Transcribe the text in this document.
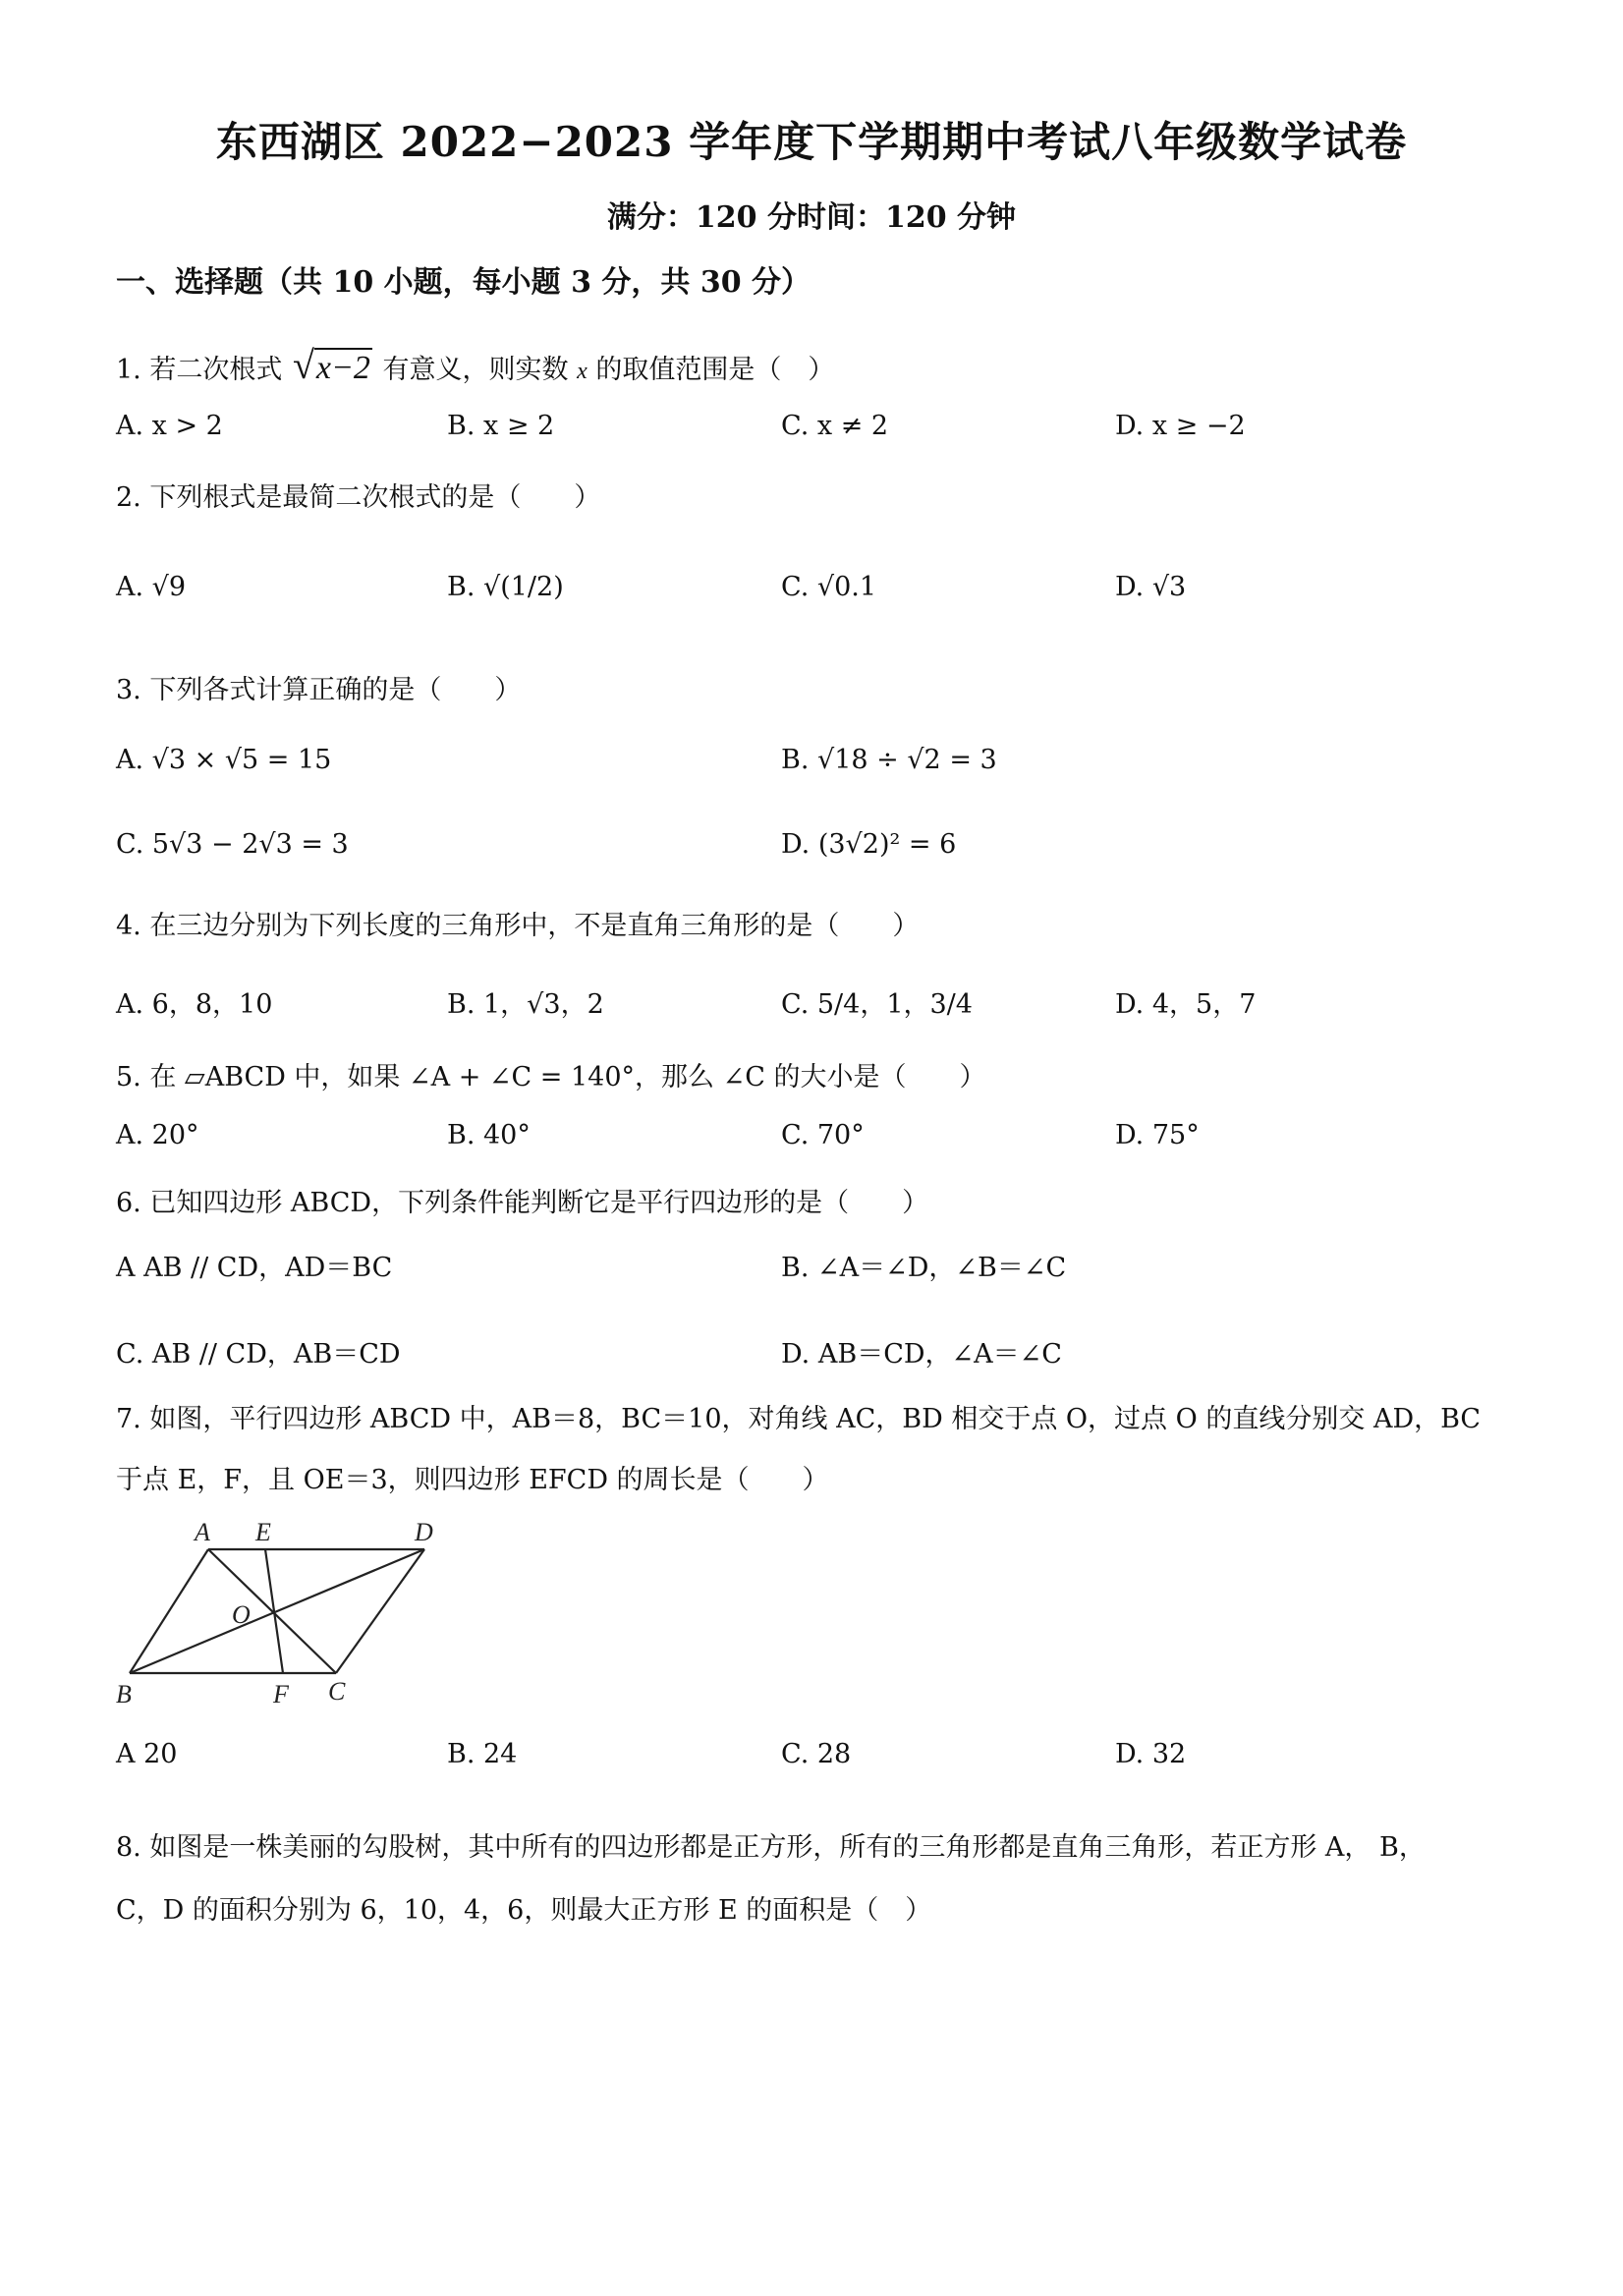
东西湖区 2022−2023 学年度下学期期中考试八年级数学试卷
满分：120 分时间：120 分钟
一、选择题（共 10 小题，每小题 3 分，共 30 分）
1. 若二次根式 √x−2 有意义，则实数 x 的取值范围是（　）
A. x > 2	B. x ≥ 2	C. x ≠ 2	D. x ≥ −2
2. 下列根式是最简二次根式的是（　　）
A. √9	B. √(1/2)	C. √0.1	D. √3
3. 下列各式计算正确的是（　　）
A. √3 × √5 = 15	B. √18 ÷ √2 = 3
C. 5√3 − 2√3 = 3	D. (3√2)² = 6
4. 在三边分别为下列长度的三角形中，不是直角三角形的是（　　）
A. 6，8，10	B. 1，√3，2	C. 5/4，1，3/4	D. 4，5，7
5. 在 ▱ABCD 中，如果 ∠A + ∠C = 140°，那么 ∠C 的大小是（　　）
A. 20°	B. 40°	C. 70°	D. 75°
6. 已知四边形 ABCD，下列条件能判断它是平行四边形的是（　　）
A AB // CD，AD＝BC	B. ∠A＝∠D，∠B＝∠C
C. AB // CD，AB＝CD	D. AB＝CD，∠A＝∠C
7. 如图，平行四边形 ABCD 中，AB＝8，BC＝10，对角线 AC，BD 相交于点 O，过点 O 的直线分别交 AD，BC
于点 E，F，且 OE＝3，则四边形 EFCD 的周长是（　　）
A E	D
O
B	F C
A 20	B. 24	C. 28	D. 32
8. 如图是一株美丽的勾股树，其中所有的四边形都是正方形，所有的三角形都是直角三角形，若正方形 A， B，
C，D 的面积分别为 6，10，4，6，则最大正方形 E 的面积是（　）
